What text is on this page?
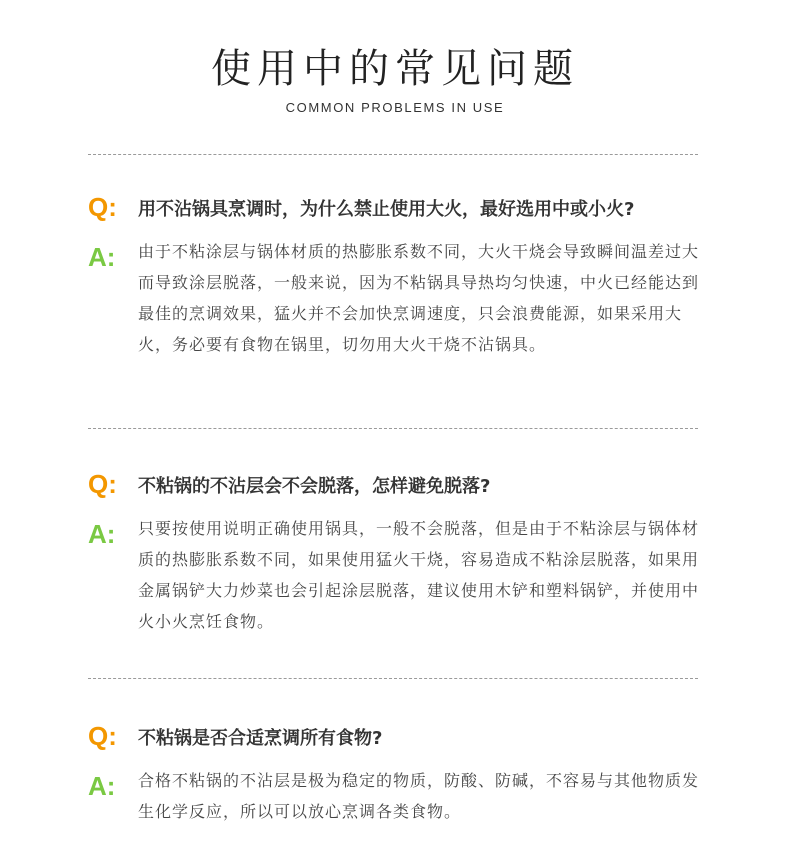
使用中的常见问题
COMMON PROBLEMS IN USE
Q: 用不沾锅具烹调时，为什么禁止使用大火，最好选用中或小火?
A: 由于不粘涂层与锅体材质的热膨胀系数不同，大火干烧会导致瞬间温差过大而导致涂层脱落，一般来说，因为不粘锅具导热均匀快速，中火已经能达到最佳的烹调效果，猛火并不会加快烹调速度，只会浪费能源，如果采用大火，务必要有食物在锅里，切勿用大火干烧不沾锅具。
Q: 不粘锅的不沾层会不会脱落，怎样避免脱落?
A: 只要按使用说明正确使用锅具，一般不会脱落，但是由于不粘涂层与锅体材质的热膨胀系数不同，如果使用猛火干烧，容易造成不粘涂层脱落，如果用金属锅铲大力炒菜也会引起涂层脱落，建议使用木铲和塑料锅铲，并使用中火小火烹饪食物。
Q: 不粘锅是否合适烹调所有食物?
A: 合格不粘锅的不沾层是极为稳定的物质，防酸、防碱，不容易与其他物质发生化学反应，所以可以放心烹调各类食物。
